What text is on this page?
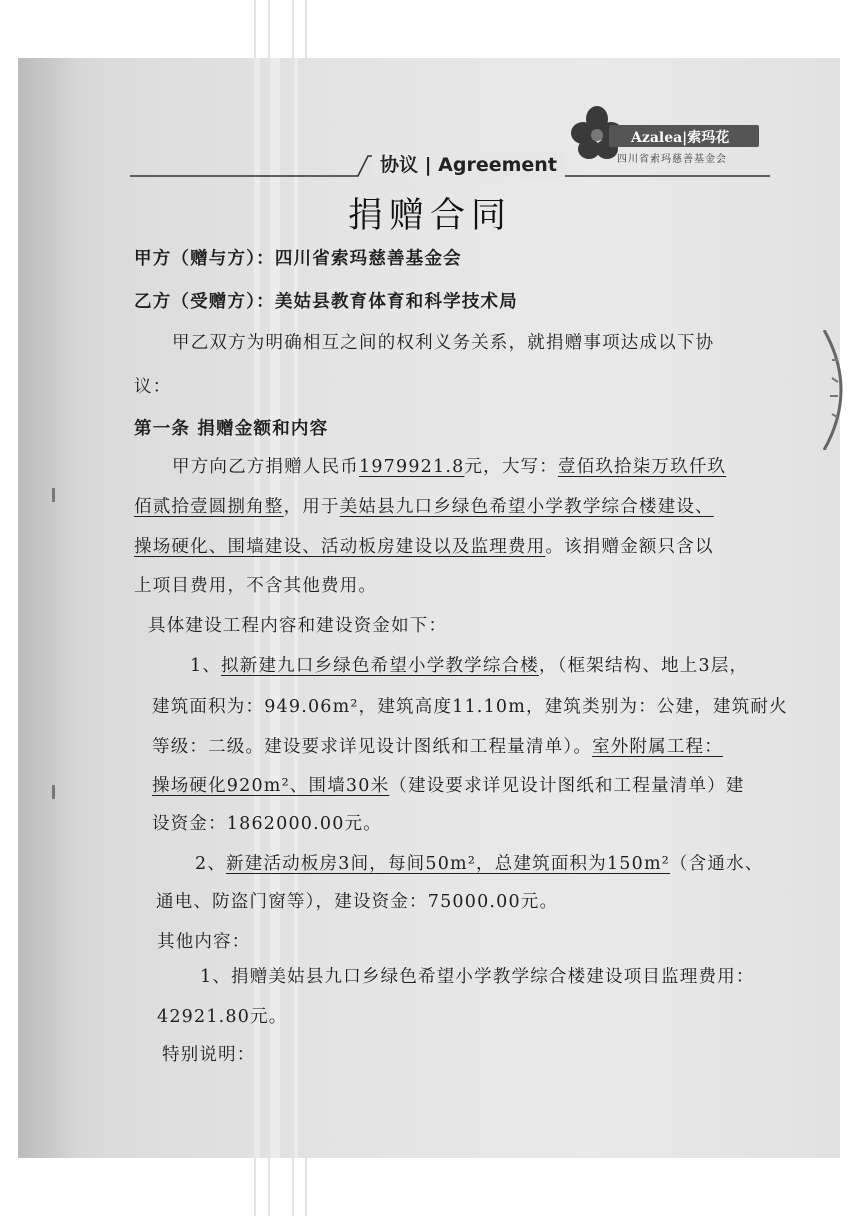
Azalea|索玛花
四川省索玛慈善基金会
协议 | Agreement
捐赠合同
甲方（赠与方）：四川省索玛慈善基金会
乙方（受赠方）：美姑县教育体育和科学技术局
甲乙双方为明确相互之间的权利义务关系，就捐赠事项达成以下协
议：
第一条 捐赠金额和内容
甲方向乙方捐赠人民币1979921.8元，大写：壹佰玖拾柒万玖仟玖
佰贰拾壹圆捌角整，用于美姑县九口乡绿色希望小学教学综合楼建设、
操场硬化、围墙建设、活动板房建设以及监理费用。该捐赠金额只含以
上项目费用，不含其他费用。
具体建设工程内容和建设资金如下：
1、拟新建九口乡绿色希望小学教学综合楼，（框架结构、地上3层，
建筑面积为：949.06m²，建筑高度11.10m，建筑类别为：公建，建筑耐火
等级：二级。建设要求详见设计图纸和工程量清单）。室外附属工程：
操场硬化920m²、围墙30米（建设要求详见设计图纸和工程量清单）建
设资金：1862000.00元。
2、新建活动板房3间，每间50m²，总建筑面积为150m²（含通水、
通电、防盗门窗等），建设资金：75000.00元。
其他内容：
1、捐赠美姑县九口乡绿色希望小学教学综合楼建设项目监理费用：
42921.80元。
特别说明：
